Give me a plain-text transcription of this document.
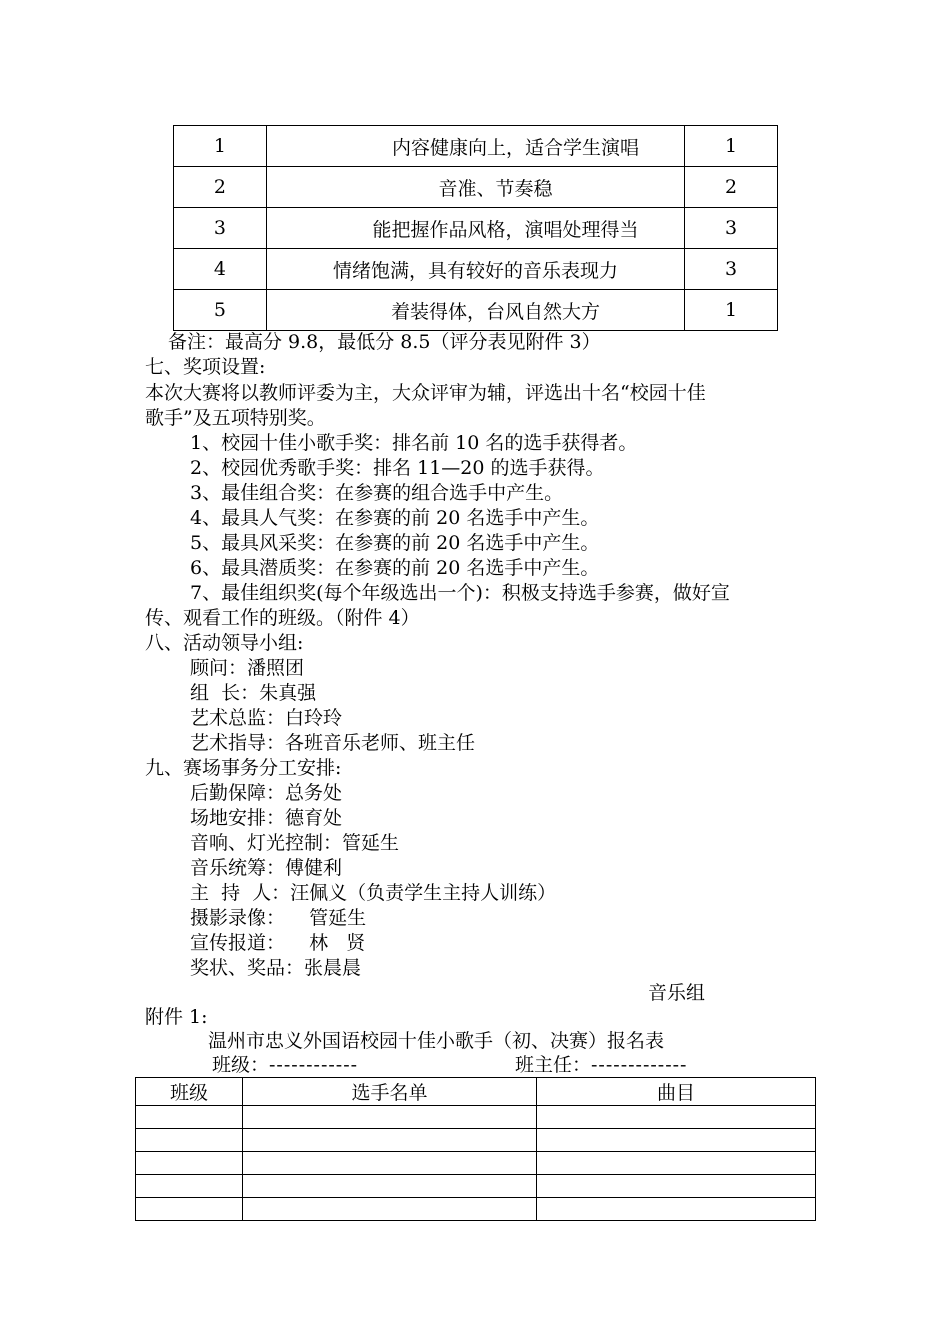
1	内容健康向上，适合学生演唱	1
2	音准、节奏稳	2
3	能把握作品风格，演唱处理得当	3
4	情绪饱满，具有较好的音乐表现力	3
5	着装得体，台风自然大方	1
备注：最高分 9.8，最低分 8.5（评分表见附件 3）
七、奖项设置:
本次大赛将以教师评委为主，大众评审为辅，评选出十名“校园十佳
歌手”及五项特别奖。
1、校园十佳小歌手奖：排名前 10 名的选手获得者。
2、校园优秀歌手奖：排名 11—20 的选手获得。
3、最佳组合奖：在参赛的组合选手中产生。
4、最具人气奖：在参赛的前 20 名选手中产生。
5、最具风采奖：在参赛的前 20 名选手中产生。
6、最具潜质奖：在参赛的前 20 名选手中产生。
7、最佳组织奖(每个年级选出一个)：积极支持选手参赛，做好宣
传、观看工作的班级。（附件 4）
八、活动领导小组:
顾问：潘照团
组  长：朱真强
艺术总监：白玲玲
艺术指导：各班音乐老师、班主任
九、赛场事务分工安排:
后勤保障：总务处
场地安排：德育处
音响、灯光控制：管延生
音乐统筹：傅健利
主  持  人：汪佩义（负责学生主持人训练）
摄影录像：    管延生
宣传报道：    林   贤
奖状、奖品：张晨晨
音乐组
附件 1:
温州市忠义外国语校园十佳小歌手（初、决赛）报名表
班级：------------	班主任：-------------
班级	选手名单	曲目
